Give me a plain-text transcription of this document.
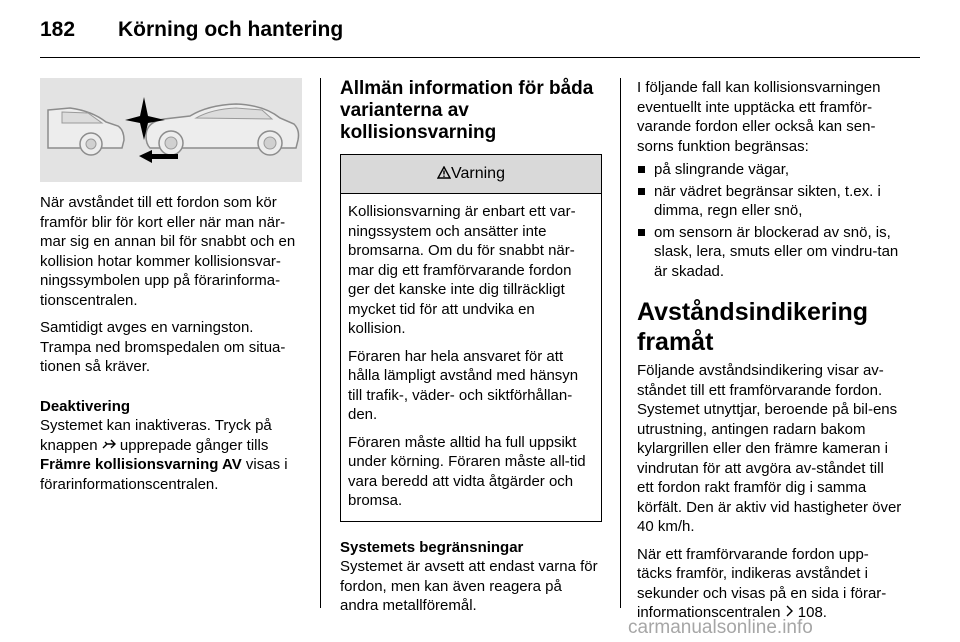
182 Körning och hantering

När avståndet till ett fordon som kör framför blir för kort eller när man när-mar sig en annan bil för snabbt och en kollision hotar kommer kollisionsvar-ningssymbolen upp på förarinforma-tionscentralen.

Samtidigt avges en varningston. Trampa ned bromspedalen om situa-tionen så kräver.

Deaktivering
Systemet kan inaktiveras. Tryck på knappen upprepade gånger tills Främre kollisionsvarning AV visas i förarinformationscentralen.
Allmän information för båda varianterna av kollisionsvarning
Varning

Kollisionsvarning är enbart ett var-ningssystem och ansätter inte bromsarna. Om du för snabbt när-mar dig ett framförvarande fordon ger det kanske inte dig tillräckligt mycket tid för att undvika en kollision.

Föraren har hela ansvaret för att hålla lämpligt avstånd med hänsyn till trafik-, väder- och siktförhållan-den.

Föraren måste alltid ha full uppsikt under körning. Föraren måste all-tid vara beredd att vidta åtgärder och bromsa.

Systemets begränsningar
Systemet är avsett att endast varna för fordon, men kan även reagera på andra metallföremål.

I följande fall kan kollisionsvarningen eventuellt inte upptäcka ett framför-varande fordon eller också kan sen-sorns funktion begränsas:

på slingrande vägar,
när vädret begränsar sikten, t.ex. i dimma, regn eller snö,
om sensorn är blockerad av snö, is, slask, lera, smuts eller om vindru-tan är skadad.
Avståndsindikering framåt

Följande avståndsindikering visar av-ståndet till ett framförvarande fordon. Systemet utnyttjar, beroende på bil-ens utrustning, antingen radarn bakom kylargrillen eller den främre kameran i vindrutan för att avgöra av-ståndet till ett fordon rakt framför dig i samma körfält. Den är aktiv vid hastigheter över 40 km/h.

När ett framförvarande fordon upp-täcks framför, indikeras avståndet i sekunder och visas på en sida i förar-informationscentralen 108.
carmanualsonline.info
